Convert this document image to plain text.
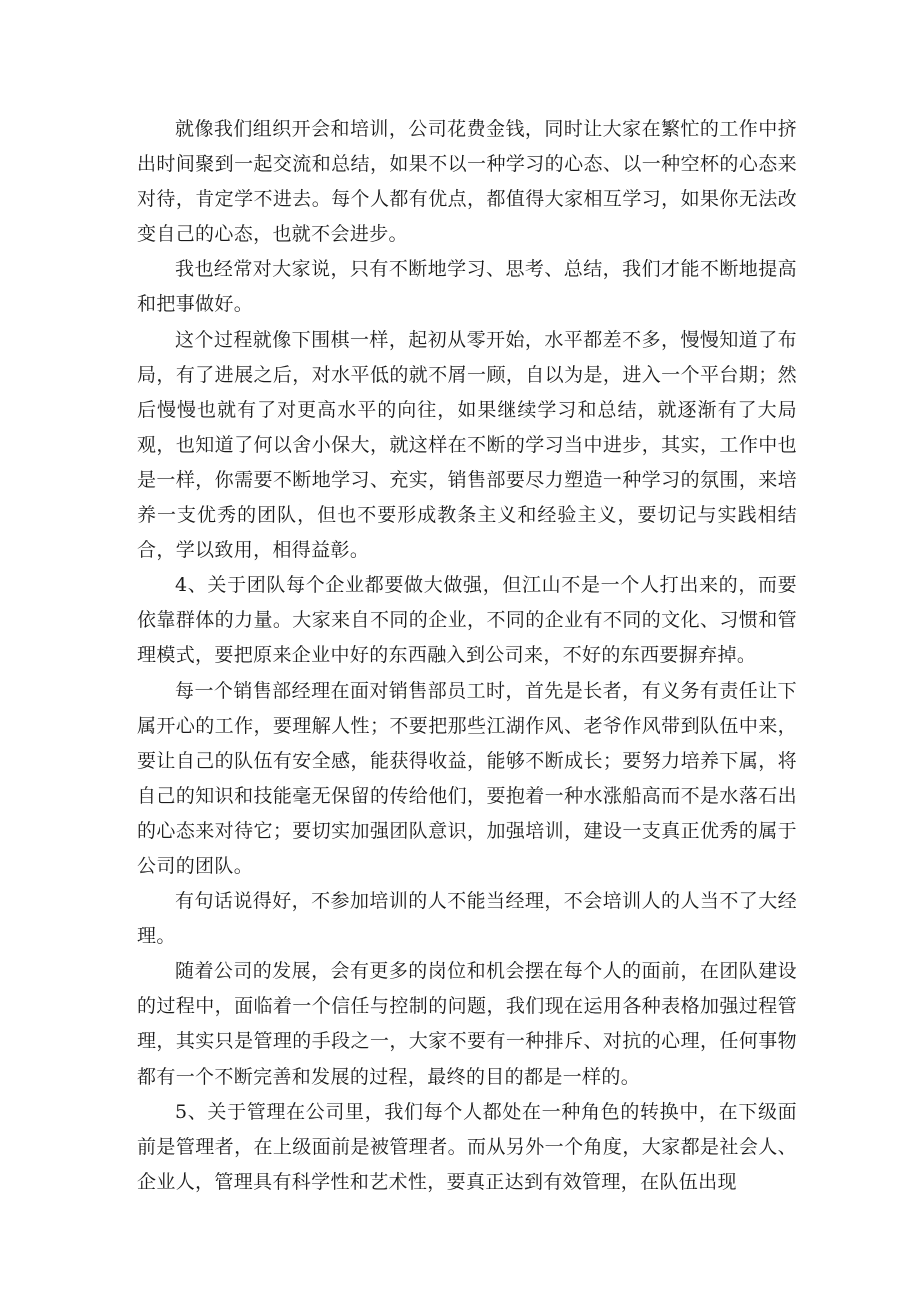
就像我们组织开会和培训，公司花费金钱，同时让大家在繁忙的工作中挤出时间聚到一起交流和总结，如果不以一种学习的心态、以一种空杯的心态来对待，肯定学不进去。每个人都有优点，都值得大家相互学习，如果你无法改变自己的心态，也就不会进步。

我也经常对大家说，只有不断地学习、思考、总结，我们才能不断地提高和把事做好。

这个过程就像下围棋一样，起初从零开始，水平都差不多，慢慢知道了布局，有了进展之后，对水平低的就不屑一顾，自以为是，进入一个平台期；然后慢慢也就有了对更高水平的向往，如果继续学习和总结，就逐渐有了大局观，也知道了何以舍小保大，就这样在不断的学习当中进步，其实，工作中也是一样，你需要不断地学习、充实，销售部要尽力塑造一种学习的氛围，来培养一支优秀的团队，但也不要形成教条主义和经验主义，要切记与实践相结合，学以致用，相得益彰。

4、关于团队每个企业都要做大做强，但江山不是一个人打出来的，而要依靠群体的力量。大家来自不同的企业，不同的企业有不同的文化、习惯和管理模式，要把原来企业中好的东西融入到公司来，不好的东西要摒弃掉。

每一个销售部经理在面对销售部员工时，首先是长者，有义务有责任让下属开心的工作，要理解人性；不要把那些江湖作风、老爷作风带到队伍中来，要让自己的队伍有安全感，能获得收益，能够不断成长；要努力培养下属，将自己的知识和技能毫无保留的传给他们，要抱着一种水涨船高而不是水落石出的心态来对待它；要切实加强团队意识，加强培训，建设一支真正优秀的属于公司的团队。

有句话说得好，不参加培训的人不能当经理，不会培训人的人当不了大经理。

随着公司的发展，会有更多的岗位和机会摆在每个人的面前，在团队建设的过程中，面临着一个信任与控制的问题，我们现在运用各种表格加强过程管理，其实只是管理的手段之一，大家不要有一种排斥、对抗的心理，任何事物都有一个不断完善和发展的过程，最终的目的都是一样的。

5、关于管理在公司里，我们每个人都处在一种角色的转换中，在下级面前是管理者，在上级面前是被管理者。而从另外一个角度，大家都是社会人、企业人，管理具有科学性和艺术性，要真正达到有效管理，在队伍出现
